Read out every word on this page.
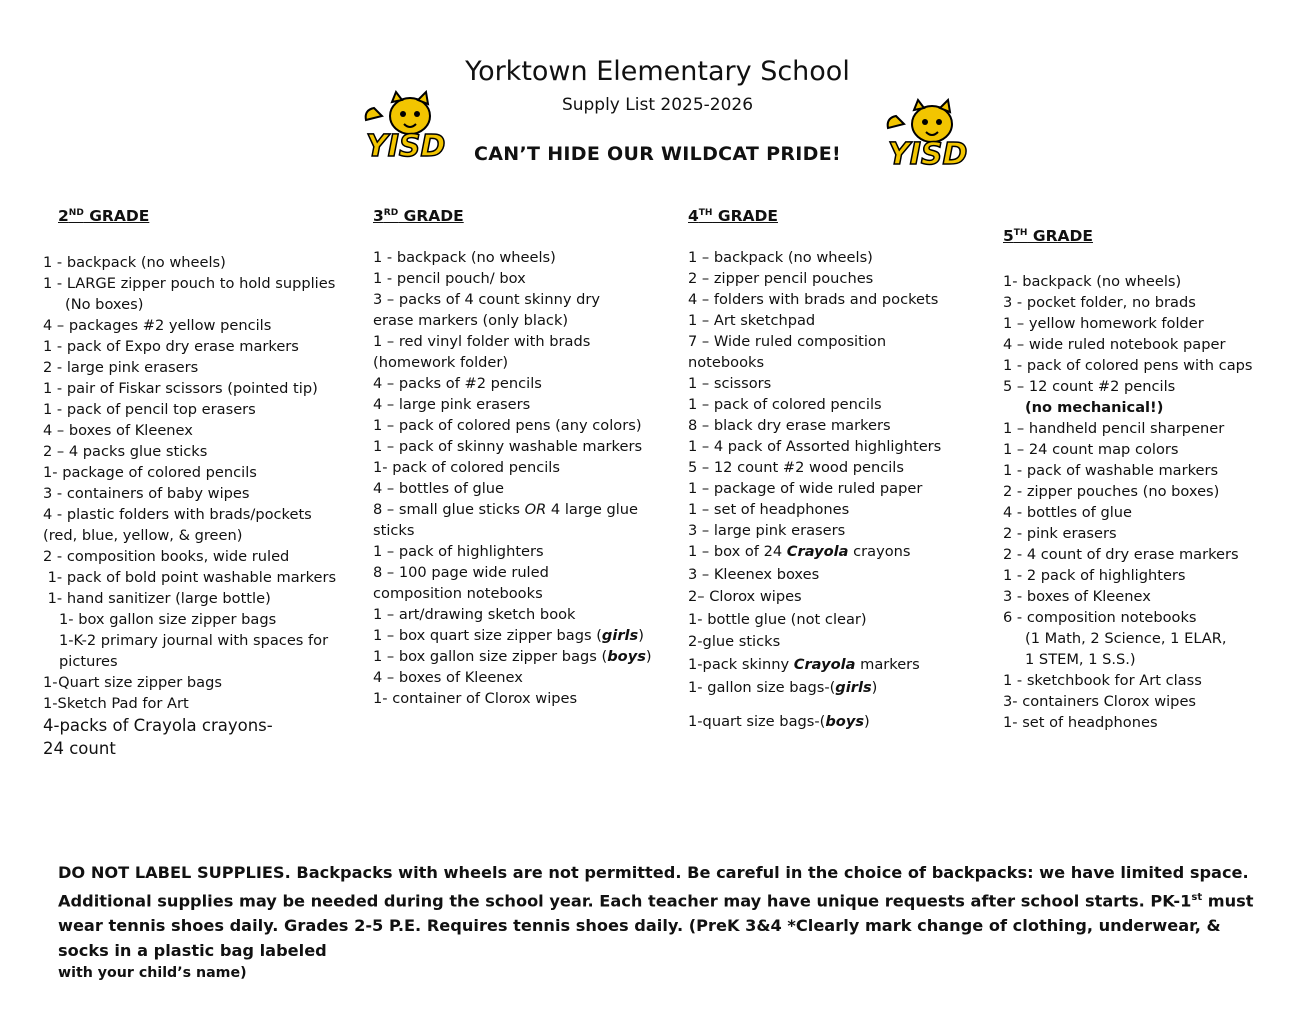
Yorktown Elementary School
Supply List 2025-2026
CAN’T HIDE OUR WILDCAT PRIDE!
YISD	YISD
2ND GRADE	3RD GRADE	4TH GRADE
5TH GRADE
1 - backpack (no wheels)
1 - LARGE zipper pouch to hold supplies
(No boxes)
4 – packages #2 yellow pencils
1 - pack of Expo dry erase markers
2 - large pink erasers
1 - pair of Fiskar scissors (pointed tip)
1 - pack of pencil top erasers
4 – boxes of Kleenex
2 – 4 packs glue sticks
1- package of colored pencils
3 - containers of baby wipes
4 - plastic folders with brads/pockets
(red, blue, yellow, & green)
2 - composition books, wide ruled
1- pack of bold point washable markers
1- hand sanitizer (large bottle)
1- box gallon size zipper bags
1-K-2 primary journal with spaces for pictures
1-Quart size zipper bags
1-Sketch Pad for Art
4-packs of Crayola crayons-24 count
1 - backpack (no wheels)
1 - pencil pouch/ box
3 – packs of 4 count skinny dry erase markers (only black)
1 – red vinyl folder with brads (homework folder)
4 – packs of #2 pencils
4 – large pink erasers
1 – pack of colored pens (any colors)
1 – pack of skinny washable markers
1- pack of colored pencils
4 – bottles of glue
8 – small glue sticks OR 4 large glue sticks
1 – pack of highlighters
8 – 100 page wide ruled composition notebooks
1 – art/drawing sketch book
1 – box quart size zipper bags (girls)
1 – box gallon size zipper bags (boys)
4 – boxes of Kleenex
1- container of Clorox wipes
1 – backpack (no wheels)
2 – zipper pencil pouches
4 – folders with brads and pockets
1 – Art sketchpad
7 – Wide ruled composition notebooks
1 – scissors
1 – pack of colored pencils
8 – black dry erase markers
1 – 4 pack of Assorted highlighters
5 – 12 count #2 wood pencils
1 – package of wide ruled paper
1 – set of headphones
3 – large pink erasers
1 – box of 24 Crayola crayons
3 – Kleenex boxes
2– Clorox wipes
1- bottle glue (not clear)
2-glue sticks
1-pack skinny Crayola markers
1- gallon size bags-(girls)
1-quart size bags-(boys)
1- backpack (no wheels)
3 - pocket folder, no brads
1 – yellow homework folder
4 – wide ruled notebook paper
1 - pack of colored pens with caps
5 – 12 count #2 pencils
(no mechanical!)
1 – handheld pencil sharpener
1 – 24 count map colors
1 - pack of washable markers
2 - zipper pouches (no boxes)
4 - bottles of glue
2 - pink erasers
2 - 4 count of dry erase markers
1 - 2 pack of highlighters
3 - boxes of Kleenex
6 - composition notebooks
(1 Math, 2 Science, 1 ELAR,
1 STEM, 1 S.S.)
1 - sketchbook for Art class
3- containers Clorox wipes
1- set of headphones
DO NOT LABEL SUPPLIES. Backpacks with wheels are not permitted. Be careful in the choice of backpacks: we have limited space.
Additional supplies may be needed during the school year. Each teacher may have unique requests after school starts. PK-1st must wear tennis shoes daily. Grades 2-5 P.E. Requires tennis shoes daily. (PreK 3&4 *Clearly mark change of clothing, underwear, & socks in a plastic bag labeled
with your child’s name)
